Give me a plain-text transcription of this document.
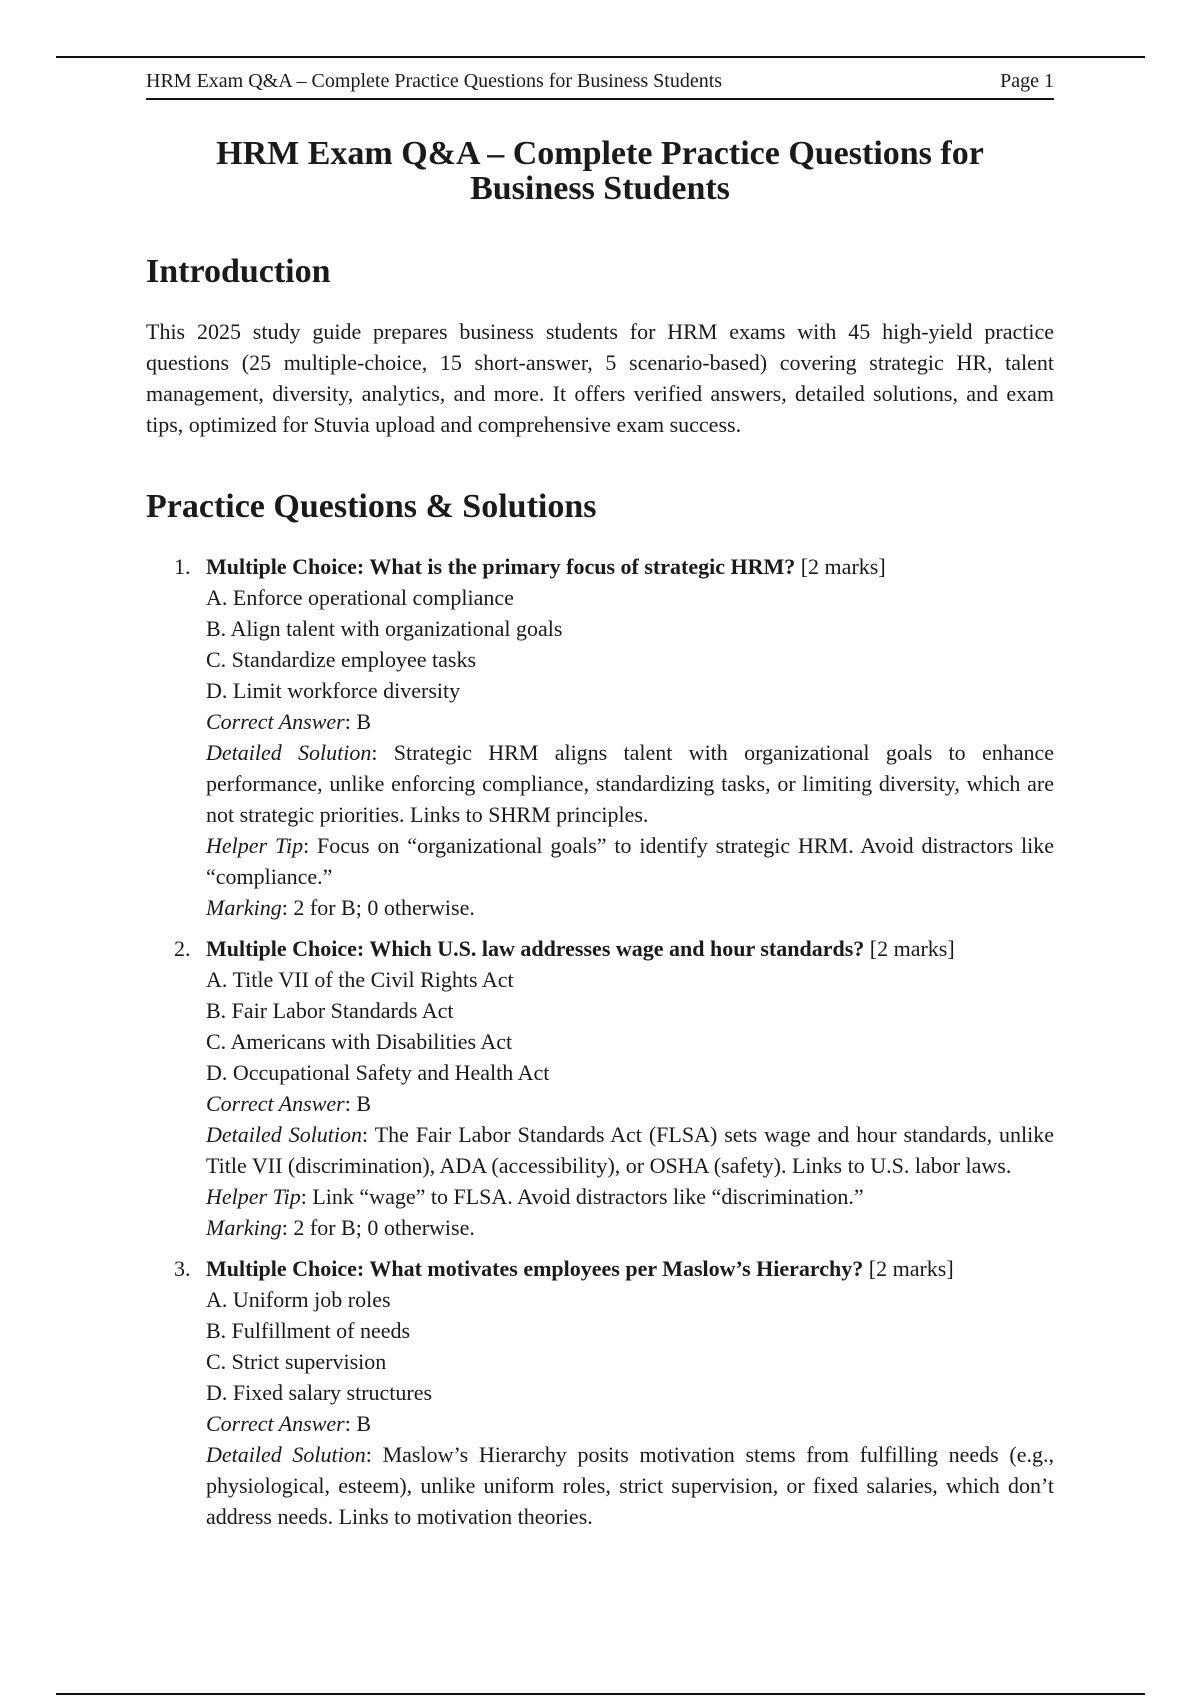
HRM Exam Q&A – Complete Practice Questions for Business Students	Page 1
HRM Exam Q&A – Complete Practice Questions for Business Students
Introduction

This 2025 study guide prepares business students for HRM exams with 45 high-yield practice questions (25 multiple-choice, 15 short-answer, 5 scenario-based) covering strategic HR, talent management, diversity, analytics, and more. It offers verified answers, detailed solutions, and exam tips, optimized for Stuvia upload and comprehensive exam success.

Practice Questions & Solutions
1. Multiple Choice: What is the primary focus of strategic HRM? [2 marks]
A. Enforce operational compliance
B. Align talent with organizational goals
C. Standardize employee tasks
D. Limit workforce diversity
Correct Answer: B
Detailed Solution: Strategic HRM aligns talent with organizational goals to enhance performance, unlike enforcing compliance, standardizing tasks, or limiting diversity, which are not strategic priorities. Links to SHRM principles.
Helper Tip: Focus on “organizational goals” to identify strategic HRM. Avoid distractors like “compliance.”
Marking: 2 for B; 0 otherwise.
2. Multiple Choice: Which U.S. law addresses wage and hour standards? [2 marks]
A. Title VII of the Civil Rights Act
B. Fair Labor Standards Act
C. Americans with Disabilities Act
D. Occupational Safety and Health Act
Correct Answer: B
Detailed Solution: The Fair Labor Standards Act (FLSA) sets wage and hour standards, unlike Title VII (discrimination), ADA (accessibility), or OSHA (safety). Links to U.S. labor laws.
Helper Tip: Link “wage” to FLSA. Avoid distractors like “discrimination.”
Marking: 2 for B; 0 otherwise.
3. Multiple Choice: What motivates employees per Maslow’s Hierarchy? [2 marks]
A. Uniform job roles
B. Fulfillment of needs
C. Strict supervision
D. Fixed salary structures
Correct Answer: B
Detailed Solution: Maslow’s Hierarchy posits motivation stems from fulfilling needs (e.g., physiological, esteem), unlike uniform roles, strict supervision, or fixed salaries, which don’t address needs. Links to motivation theories.
